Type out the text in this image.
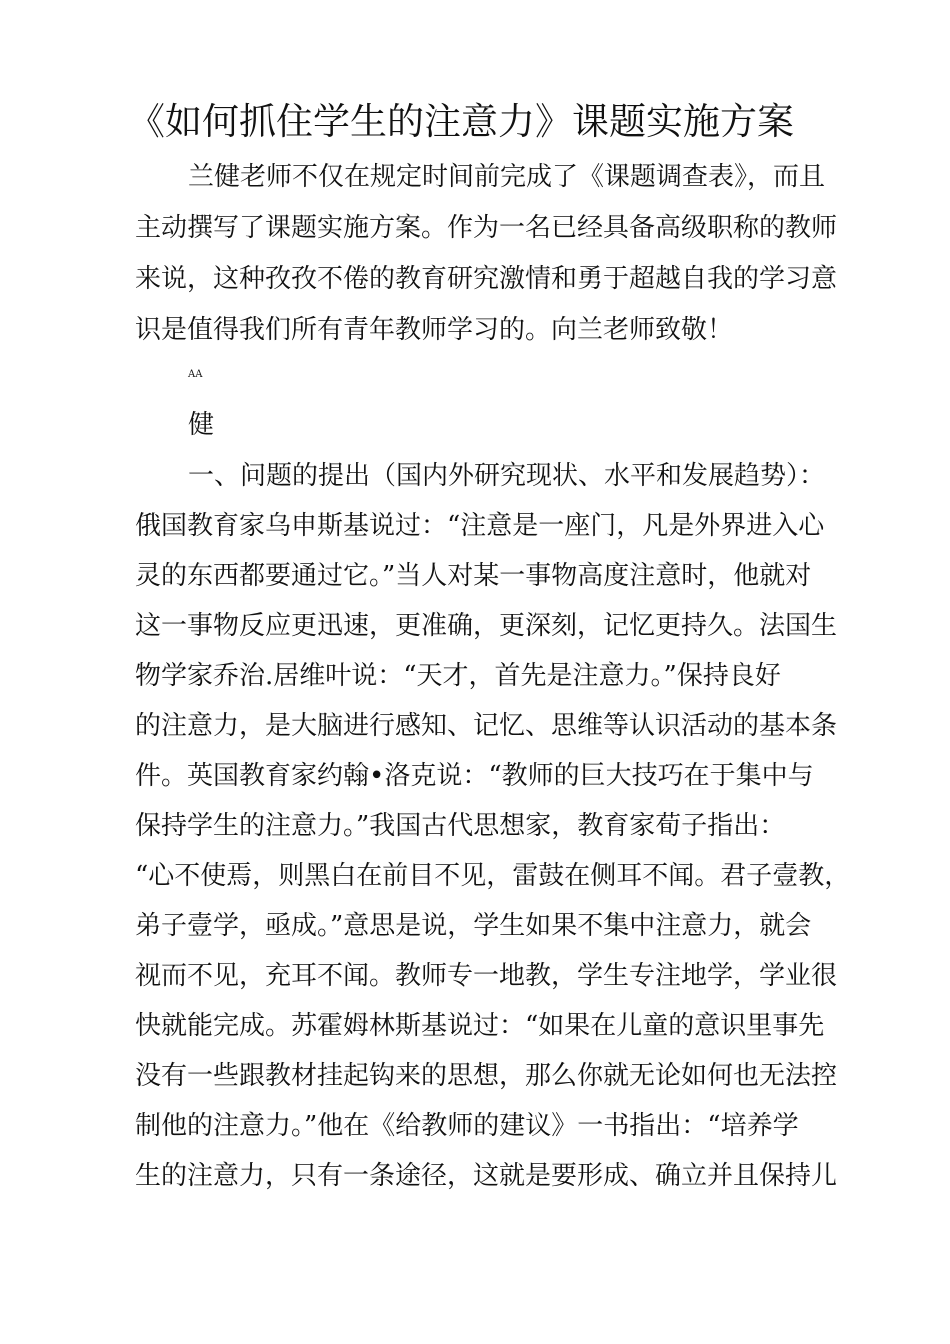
《如何抓住学生的注意力》课题实施方案
兰健老师不仅在规定时间前完成了《课题调查表》，而且
主动撰写了课题实施方案。作为一名已经具备高级职称的教师
来说，这种孜孜不倦的教育研究激情和勇于超越自我的学习意
识是值得我们所有青年教师学习的。向兰老师致敬！
AA
健
一、问题的提出（国内外研究现状、水平和发展趋势）：
俄国教育家乌申斯基说过：“注意是一座门，凡是外界进入心
灵的东西都要通过它。”当人对某一事物高度注意时，他就对
这一事物反应更迅速，更准确，更深刻，记忆更持久。法国生
物学家乔治.居维叶说：“天才，首先是注意力。”保持良好
的注意力，是大脑进行感知、记忆、思维等认识活动的基本条
件。英国教育家约翰•洛克说：“教师的巨大技巧在于集中与
保持学生的注意力。”我国古代思想家，教育家荀子指出：
“心不使焉，则黑白在前目不见，雷鼓在侧耳不闻。君子壹教，
弟子壹学，亟成。”意思是说，学生如果不集中注意力，就会
视而不见，充耳不闻。教师专一地教，学生专注地学，学业很
快就能完成。苏霍姆林斯基说过：“如果在儿童的意识里事先
没有一些跟教材挂起钩来的思想，那么你就无论如何也无法控
制他的注意力。”他在《给教师的建议》一书指出：“培养学
生的注意力，只有一条途径，这就是要形成、确立并且保持儿
